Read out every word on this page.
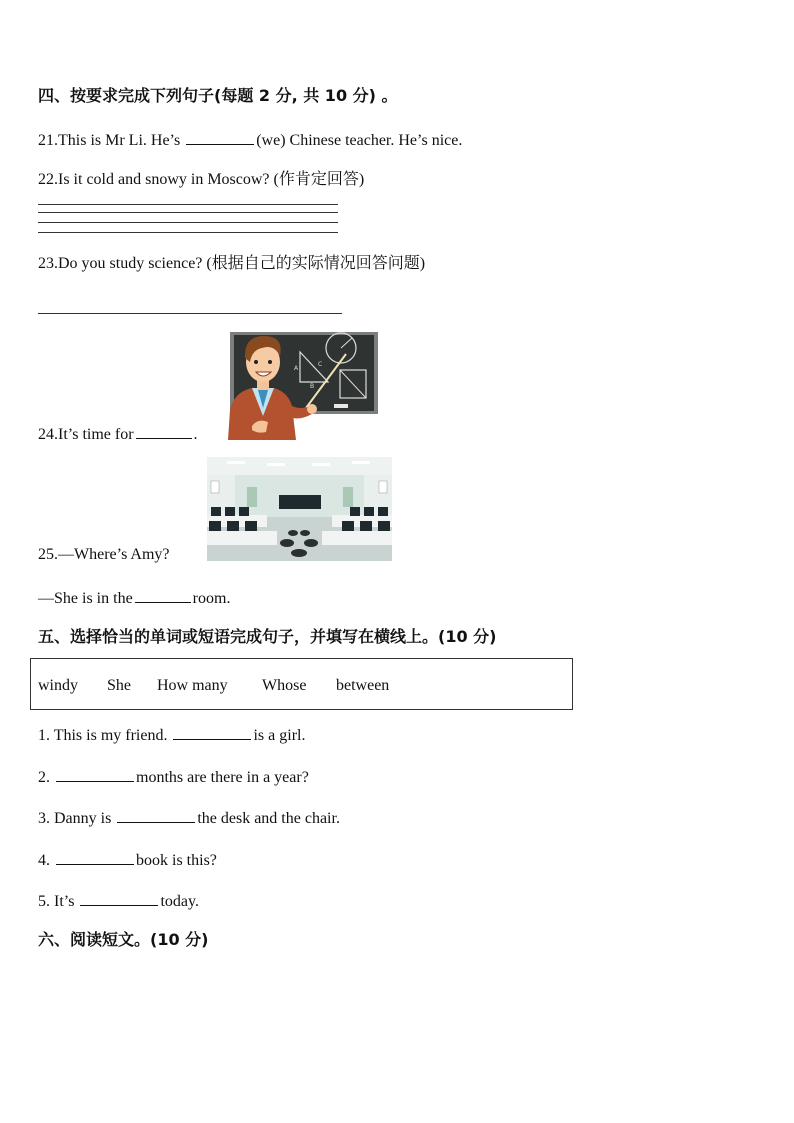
四、按要求完成下列句子(每题 2 分, 共 10 分) 。
21.This is Mr Li. He’s	(we) Chinese teacher. He’s nice.
22.Is it cold and snowy in Moscow? (作肯定回答)
23.Do you study science? (根据自己的实际情况回答问题)
A
C
B
24.It’s time for	.
25.—Where’s Amy?
—She is in the	room.
五、选择恰当的单词或短语完成句子，并填写在横线上。(10 分)
windy She How many Whose between
1. This is my friend.	is a girl.
2.	months are there in a year?
3. Danny is	the desk and the chair.
4.	book is this?
5. It’s	today.
六、阅读短文。(10 分)
